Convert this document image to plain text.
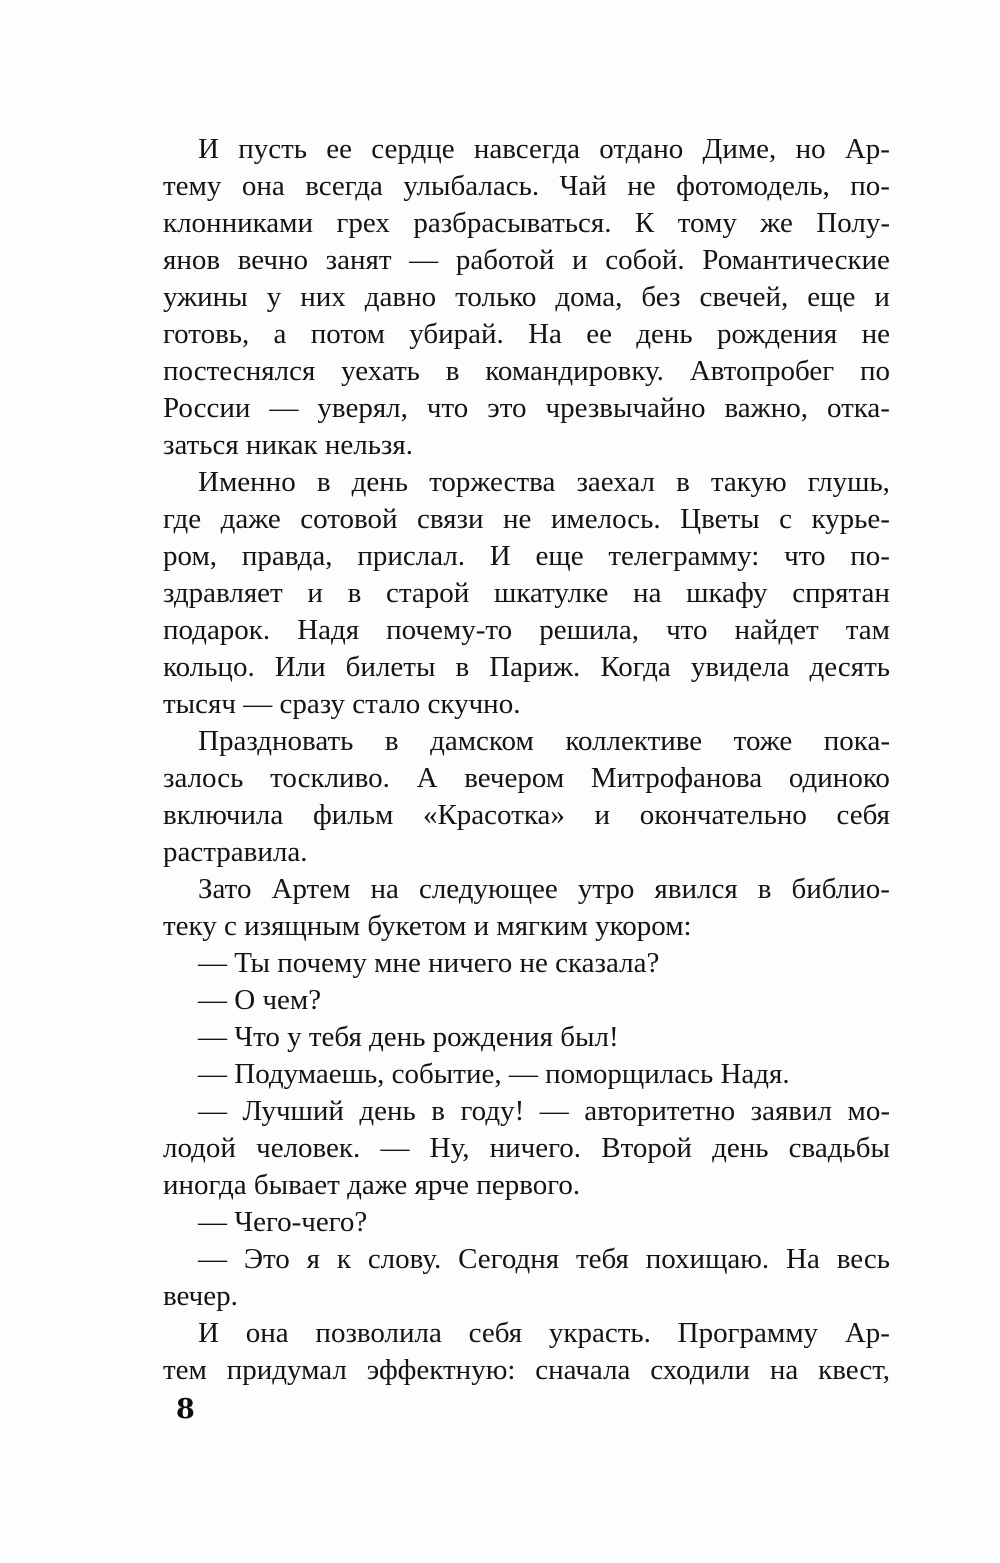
И пусть ее сердце навсегда отдано Диме, но Ар-
тему она всегда улыбалась. Чай не фотомодель, по-
клонниками грех разбрасываться. К тому же Полу-
янов вечно занят — работой и собой. Романтические
ужины у них давно только дома, без свечей, еще и
готовь, а потом убирай. На ее день рождения не
постеснялся уехать в командировку. Автопробег по
России — уверял, что это чрезвычайно важно, отка-
заться никак нельзя.
Именно в день торжества заехал в такую глушь,
где даже сотовой связи не имелось. Цветы с курье-
ром, правда, прислал. И еще телеграмму: что по-
здравляет и в старой шкатулке на шкафу спрятан
подарок. Надя почему-то решила, что найдет там
кольцо. Или билеты в Париж. Когда увидела десять
тысяч — сразу стало скучно.
Праздновать в дамском коллективе тоже пока-
залось тоскливо. А вечером Митрофанова одиноко
включила фильм «Красотка» и окончательно себя
растравила.
Зато Артем на следующее утро явился в библио-
теку с изящным букетом и мягким укором:
— Ты почему мне ничего не сказала?
— О чем?
— Что у тебя день рождения был!
— Подумаешь, событие, — поморщилась Надя.
— Лучший день в году! — авторитетно заявил мо-
лодой человек. — Ну, ничего. Второй день свадьбы
иногда бывает даже ярче первого.
— Чего-чего?
— Это я к слову. Сегодня тебя похищаю. На весь
вечер.
И она позволила себя украсть. Программу Ар-
тем придумал эффектную: сначала сходили на квест,
8
